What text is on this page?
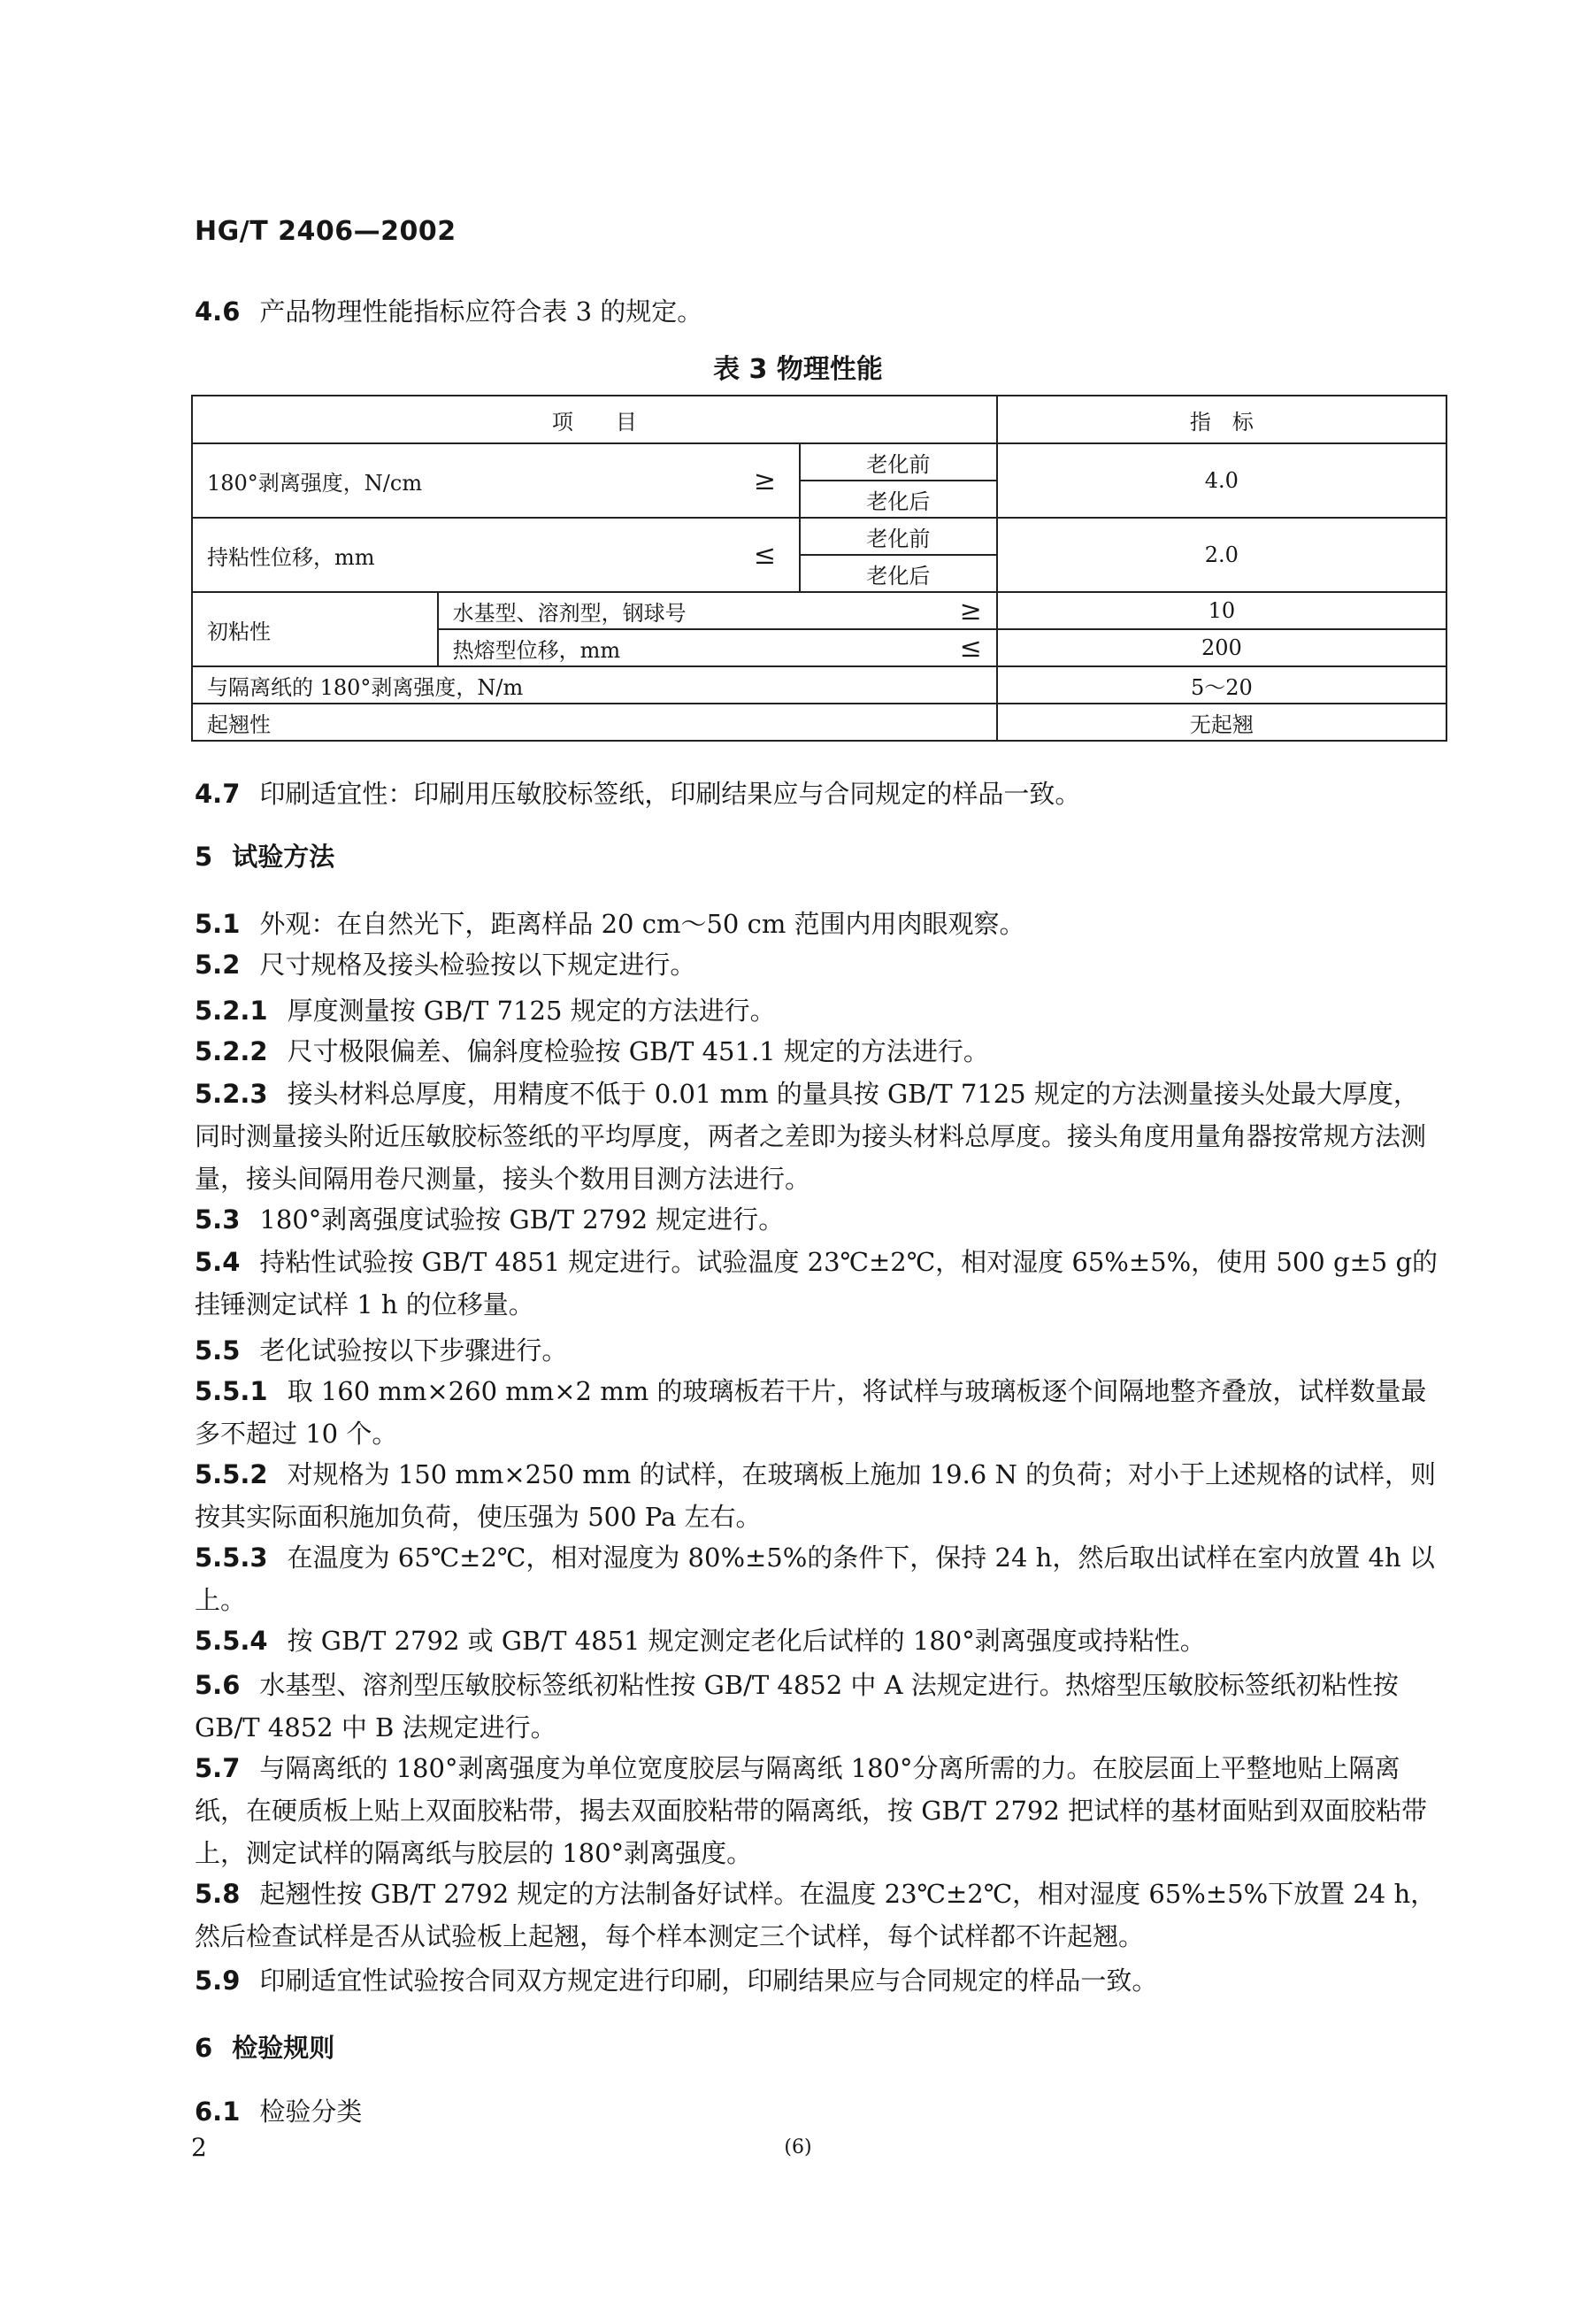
HG/T 2406—2002
4.6 产品物理性能指标应符合表 3 的规定。
表 3 物理性能
项　　目			指　标
180°剥离强度，N/cm ≥		老化前	4.0
		老化后	
持粘性位移，mm ≤		老化前	2.0
		老化后	
初粘性	水基型、溶剂型，钢球号 ≥		10
	热熔型位移，mm ≤		200
与隔离纸的 180°剥离强度，N/m			5～20
起翘性			无起翘
4.7 印刷适宜性：印刷用压敏胶标签纸，印刷结果应与合同规定的样品一致。
5 试验方法
5.1 外观：在自然光下，距离样品 20 cm～50 cm 范围内用肉眼观察。
5.2 尺寸规格及接头检验按以下规定进行。
5.2.1 厚度测量按 GB/T 7125 规定的方法进行。
5.2.2 尺寸极限偏差、偏斜度检验按 GB/T 451.1 规定的方法进行。
5.2.3 接头材料总厚度，用精度不低于 0.01 mm 的量具按 GB/T 7125 规定的方法测量接头处最大厚度，同时测量接头附近压敏胶标签纸的平均厚度，两者之差即为接头材料总厚度。接头角度用量角器按常规方法测量，接头间隔用卷尺测量，接头个数用目测方法进行。
5.3 180°剥离强度试验按 GB/T 2792 规定进行。
5.4 持粘性试验按 GB/T 4851 规定进行。试验温度 23℃±2℃，相对湿度 65%±5%，使用 500 g±5 g的挂锤测定试样 1 h 的位移量。
5.5 老化试验按以下步骤进行。
5.5.1 取 160 mm×260 mm×2 mm 的玻璃板若干片，将试样与玻璃板逐个间隔地整齐叠放，试样数量最多不超过 10 个。
5.5.2 对规格为 150 mm×250 mm 的试样，在玻璃板上施加 19.6 N 的负荷；对小于上述规格的试样，则按其实际面积施加负荷，使压强为 500 Pa 左右。
5.5.3 在温度为 65℃±2℃，相对湿度为 80%±5%的条件下，保持 24 h，然后取出试样在室内放置 4h 以上。
5.5.4 按 GB/T 2792 或 GB/T 4851 规定测定老化后试样的 180°剥离强度或持粘性。
5.6 水基型、溶剂型压敏胶标签纸初粘性按 GB/T 4852 中 A 法规定进行。热熔型压敏胶标签纸初粘性按 GB/T 4852 中 B 法规定进行。
5.7 与隔离纸的 180°剥离强度为单位宽度胶层与隔离纸 180°分离所需的力。在胶层面上平整地贴上隔离纸，在硬质板上贴上双面胶粘带，揭去双面胶粘带的隔离纸，按 GB/T 2792 把试样的基材面贴到双面胶粘带上，测定试样的隔离纸与胶层的 180°剥离强度。
5.8 起翘性按 GB/T 2792 规定的方法制备好试样。在温度 23℃±2℃，相对湿度 65%±5%下放置 24 h，然后检查试样是否从试验板上起翘，每个样本测定三个试样，每个试样都不许起翘。
5.9 印刷适宜性试验按合同双方规定进行印刷，印刷结果应与合同规定的样品一致。
6 检验规则
6.1 检验分类
2	(6)
